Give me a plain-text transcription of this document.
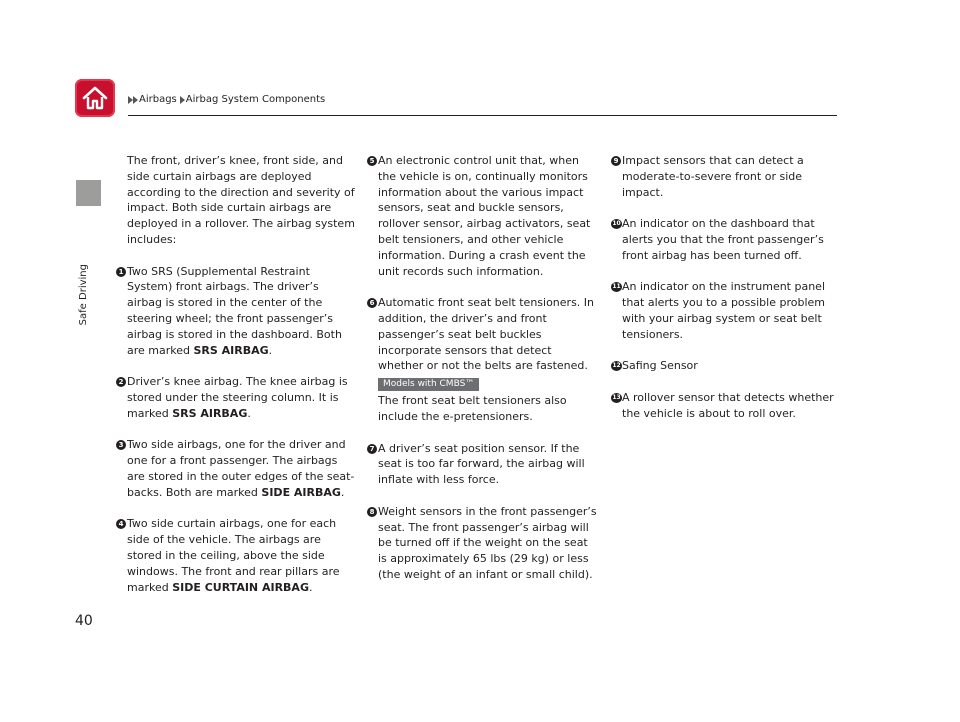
Airbags Airbag System Components
Safe Driving

The front, driver’s knee, front side, and side curtain airbags are deployed according to the direction and severity of impact. Both side curtain airbags are deployed in a rollover. The airbag system includes:

1 Two SRS (Supplemental Restraint System) front airbags. The driver’s airbag is stored in the center of the steering wheel; the front passenger’s airbag is stored in the dashboard. Both are marked SRS AIRBAG.
2 Driver’s knee airbag. The knee airbag is stored under the steering column. It is marked SRS AIRBAG.
3 Two side airbags, one for the driver and one for a front passenger. The airbags are stored in the outer edges of the seat-backs. Both are marked SIDE AIRBAG.
4 Two side curtain airbags, one for each side of the vehicle. The airbags are stored in the ceiling, above the side windows. The front and rear pillars are marked SIDE CURTAIN AIRBAG.
5 An electronic control unit that, when the vehicle is on, continually monitors information about the various impact sensors, seat and buckle sensors, rollover sensor, airbag activators, seat belt tensioners, and other vehicle information. During a crash event the unit records such information.
6 Automatic front seat belt tensioners. In addition, the driver’s and front passenger’s seat belt buckles incorporate sensors that detect whether or not the belts are fastened.
Models with CMBS™
The front seat belt tensioners also include the e-pretensioners.
7 A driver’s seat position sensor. If the seat is too far forward, the airbag will inflate with less force.
8 Weight sensors in the front passenger’s seat. The front passenger’s airbag will be turned off if the weight on the seat is approximately 65 lbs (29 kg) or less (the weight of an infant or small child).
9 Impact sensors that can detect a moderate-to-severe front or side impact.
10 An indicator on the dashboard that alerts you that the front passenger’s front airbag has been turned off.
11 An indicator on the instrument panel that alerts you to a possible problem with your airbag system or seat belt tensioners.
12 Safing Sensor
13 A rollover sensor that detects whether the vehicle is about to roll over.
40
